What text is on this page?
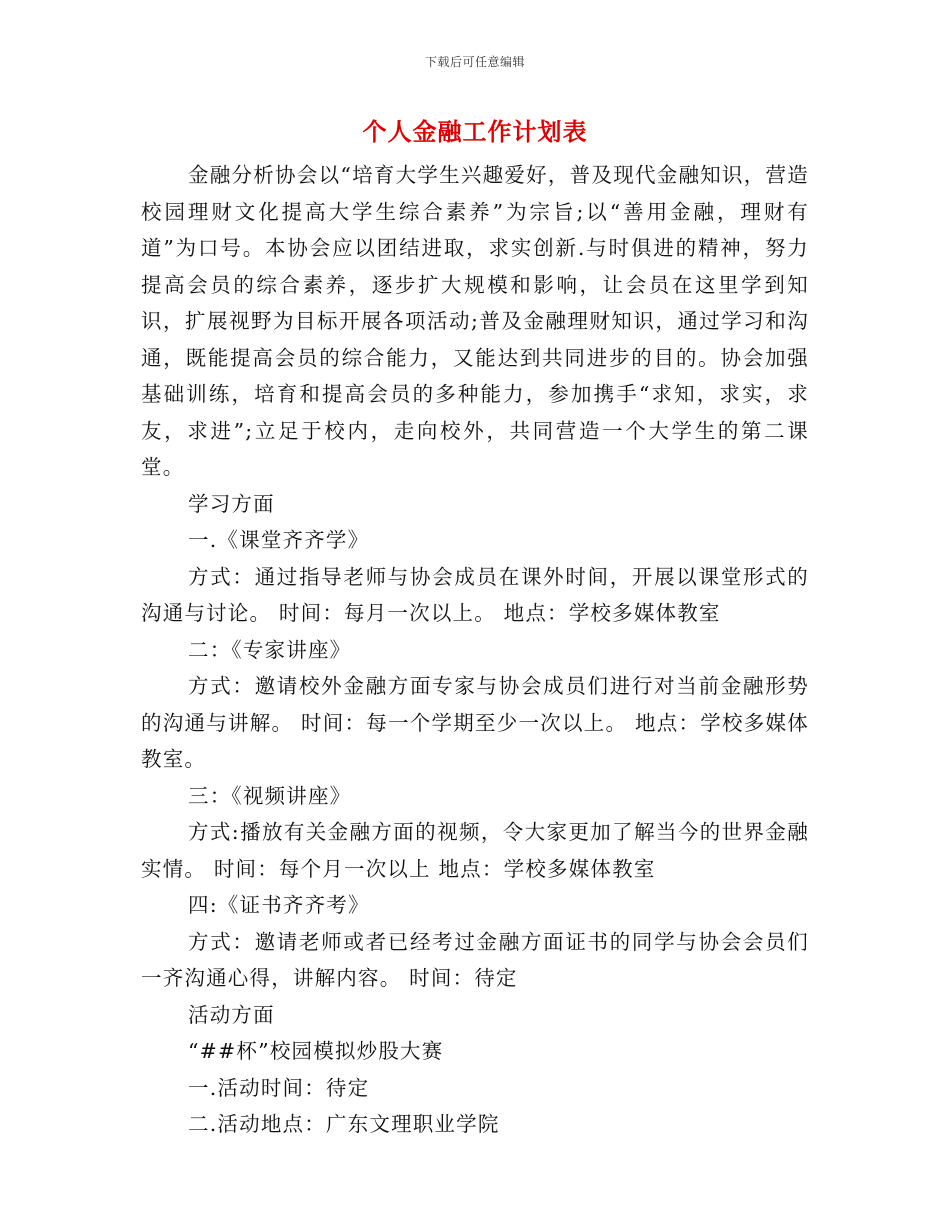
下载后可任意编辑
个人金融工作计划表

金融分析协会以“培育大学生兴趣爱好，普及现代金融知识，营造校园理财文化提高大学生综合素养”为宗旨;以“善用金融，理财有道”为口号。本协会应以团结进取，求实创新.与时俱进的精神，努力提高会员的综合素养，逐步扩大规模和影响，让会员在这里学到知识，扩展视野为目标开展各项活动;普及金融理财知识，通过学习和沟通，既能提高会员的综合能力，又能达到共同进步的目的。协会加强基础训练，培育和提高会员的多种能力，参加携手“求知，求实，求友，求进”;立足于校内，走向校外，共同营造一个大学生的第二课堂。

学习方面

一.《课堂齐齐学》

方式：通过指导老师与协会成员在课外时间，开展以课堂形式的沟通与讨论。 时间：每月一次以上。 地点：学校多媒体教室

二：《专家讲座》

方式：邀请校外金融方面专家与协会成员们进行对当前金融形势的沟通与讲解。 时间：每一个学期至少一次以上。 地点：学校多媒体教室。

三：《视频讲座》

方式:播放有关金融方面的视频，令大家更加了解当今的世界金融实情。 时间：每个月一次以上 地点：学校多媒体教室

四:《证书齐齐考》

方式：邀请老师或者已经考过金融方面证书的同学与协会会员们一齐沟通心得，讲解内容。 时间：待定

活动方面

“##杯”校园模拟炒股大赛

一.活动时间：待定

二.活动地点：广东文理职业学院
